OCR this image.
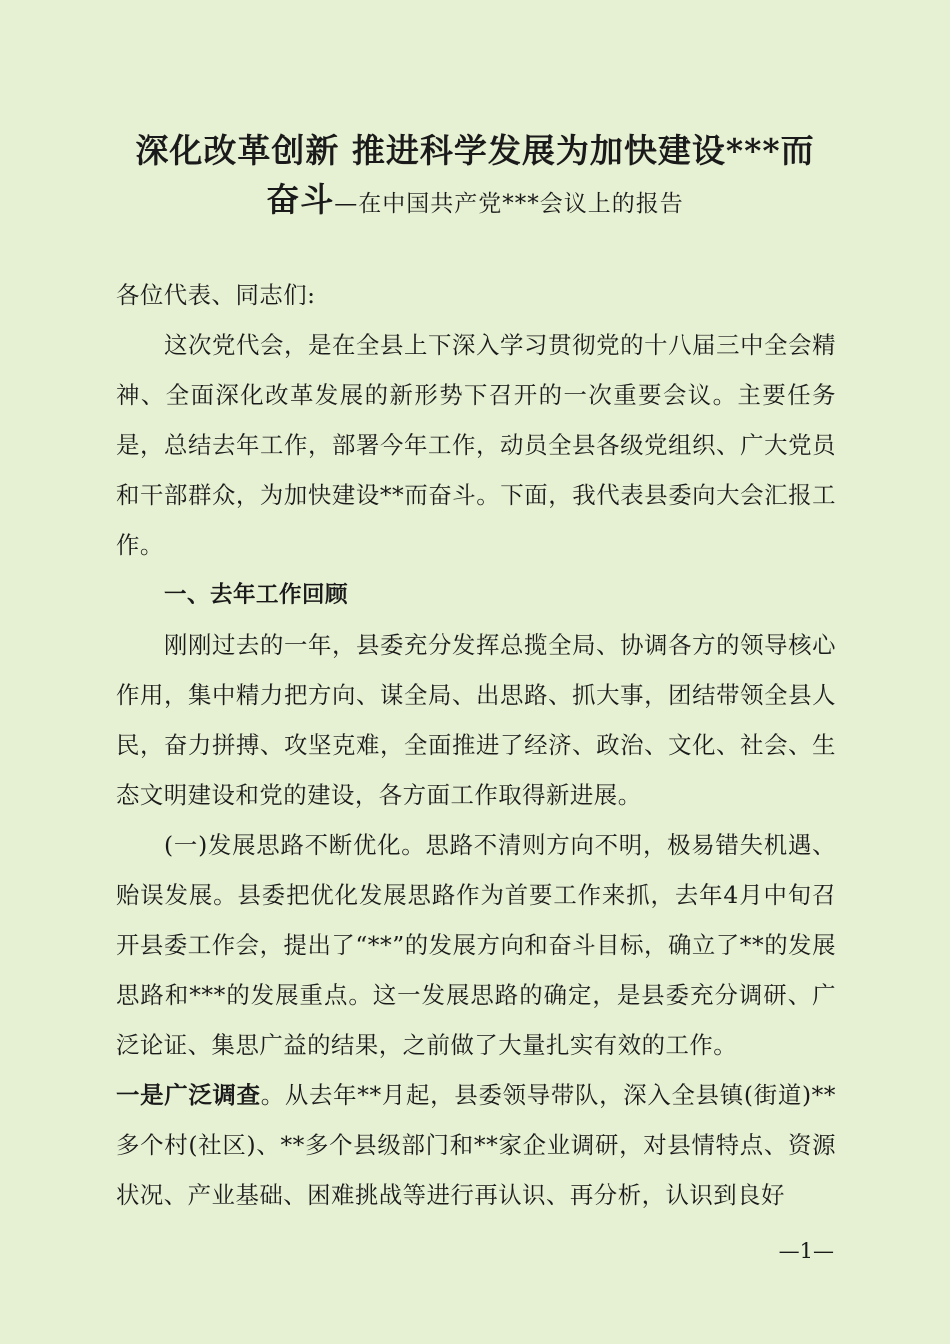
深化改革创新 推进科学发展为加快建设***而
奋斗—在中国共产党***会议上的报告

各位代表、同志们:

这次党代会，是在全县上下深入学习贯彻党的十八届三中全会精神、全面深化改革发展的新形势下召开的一次重要会议。主要任务是，总结去年工作，部署今年工作，动员全县各级党组织、广大党员和干部群众，为加快建设**而奋斗。下面，我代表县委向大会汇报工作。

一、去年工作回顾

刚刚过去的一年，县委充分发挥总揽全局、协调各方的领导核心作用，集中精力把方向、谋全局、出思路、抓大事，团结带领全县人民，奋力拼搏、攻坚克难，全面推进了经济、政治、文化、社会、生态文明建设和党的建设，各方面工作取得新进展。

(一)发展思路不断优化。思路不清则方向不明，极易错失机遇、贻误发展。县委把优化发展思路作为首要工作来抓，去年4月中旬召开县委工作会，提出了“**”的发展方向和奋斗目标，确立了**的发展思路和***的发展重点。这一发展思路的确定，是县委充分调研、广泛论证、集思广益的结果，之前做了大量扎实有效的工作。

一是广泛调查。从去年**月起，县委领导带队，深入全县镇(街道)**多个村(社区)、**多个县级部门和**家企业调研，对县情特点、资源状况、产业基础、困难挑战等进行再认识、再分析，认识到良好

—1—
